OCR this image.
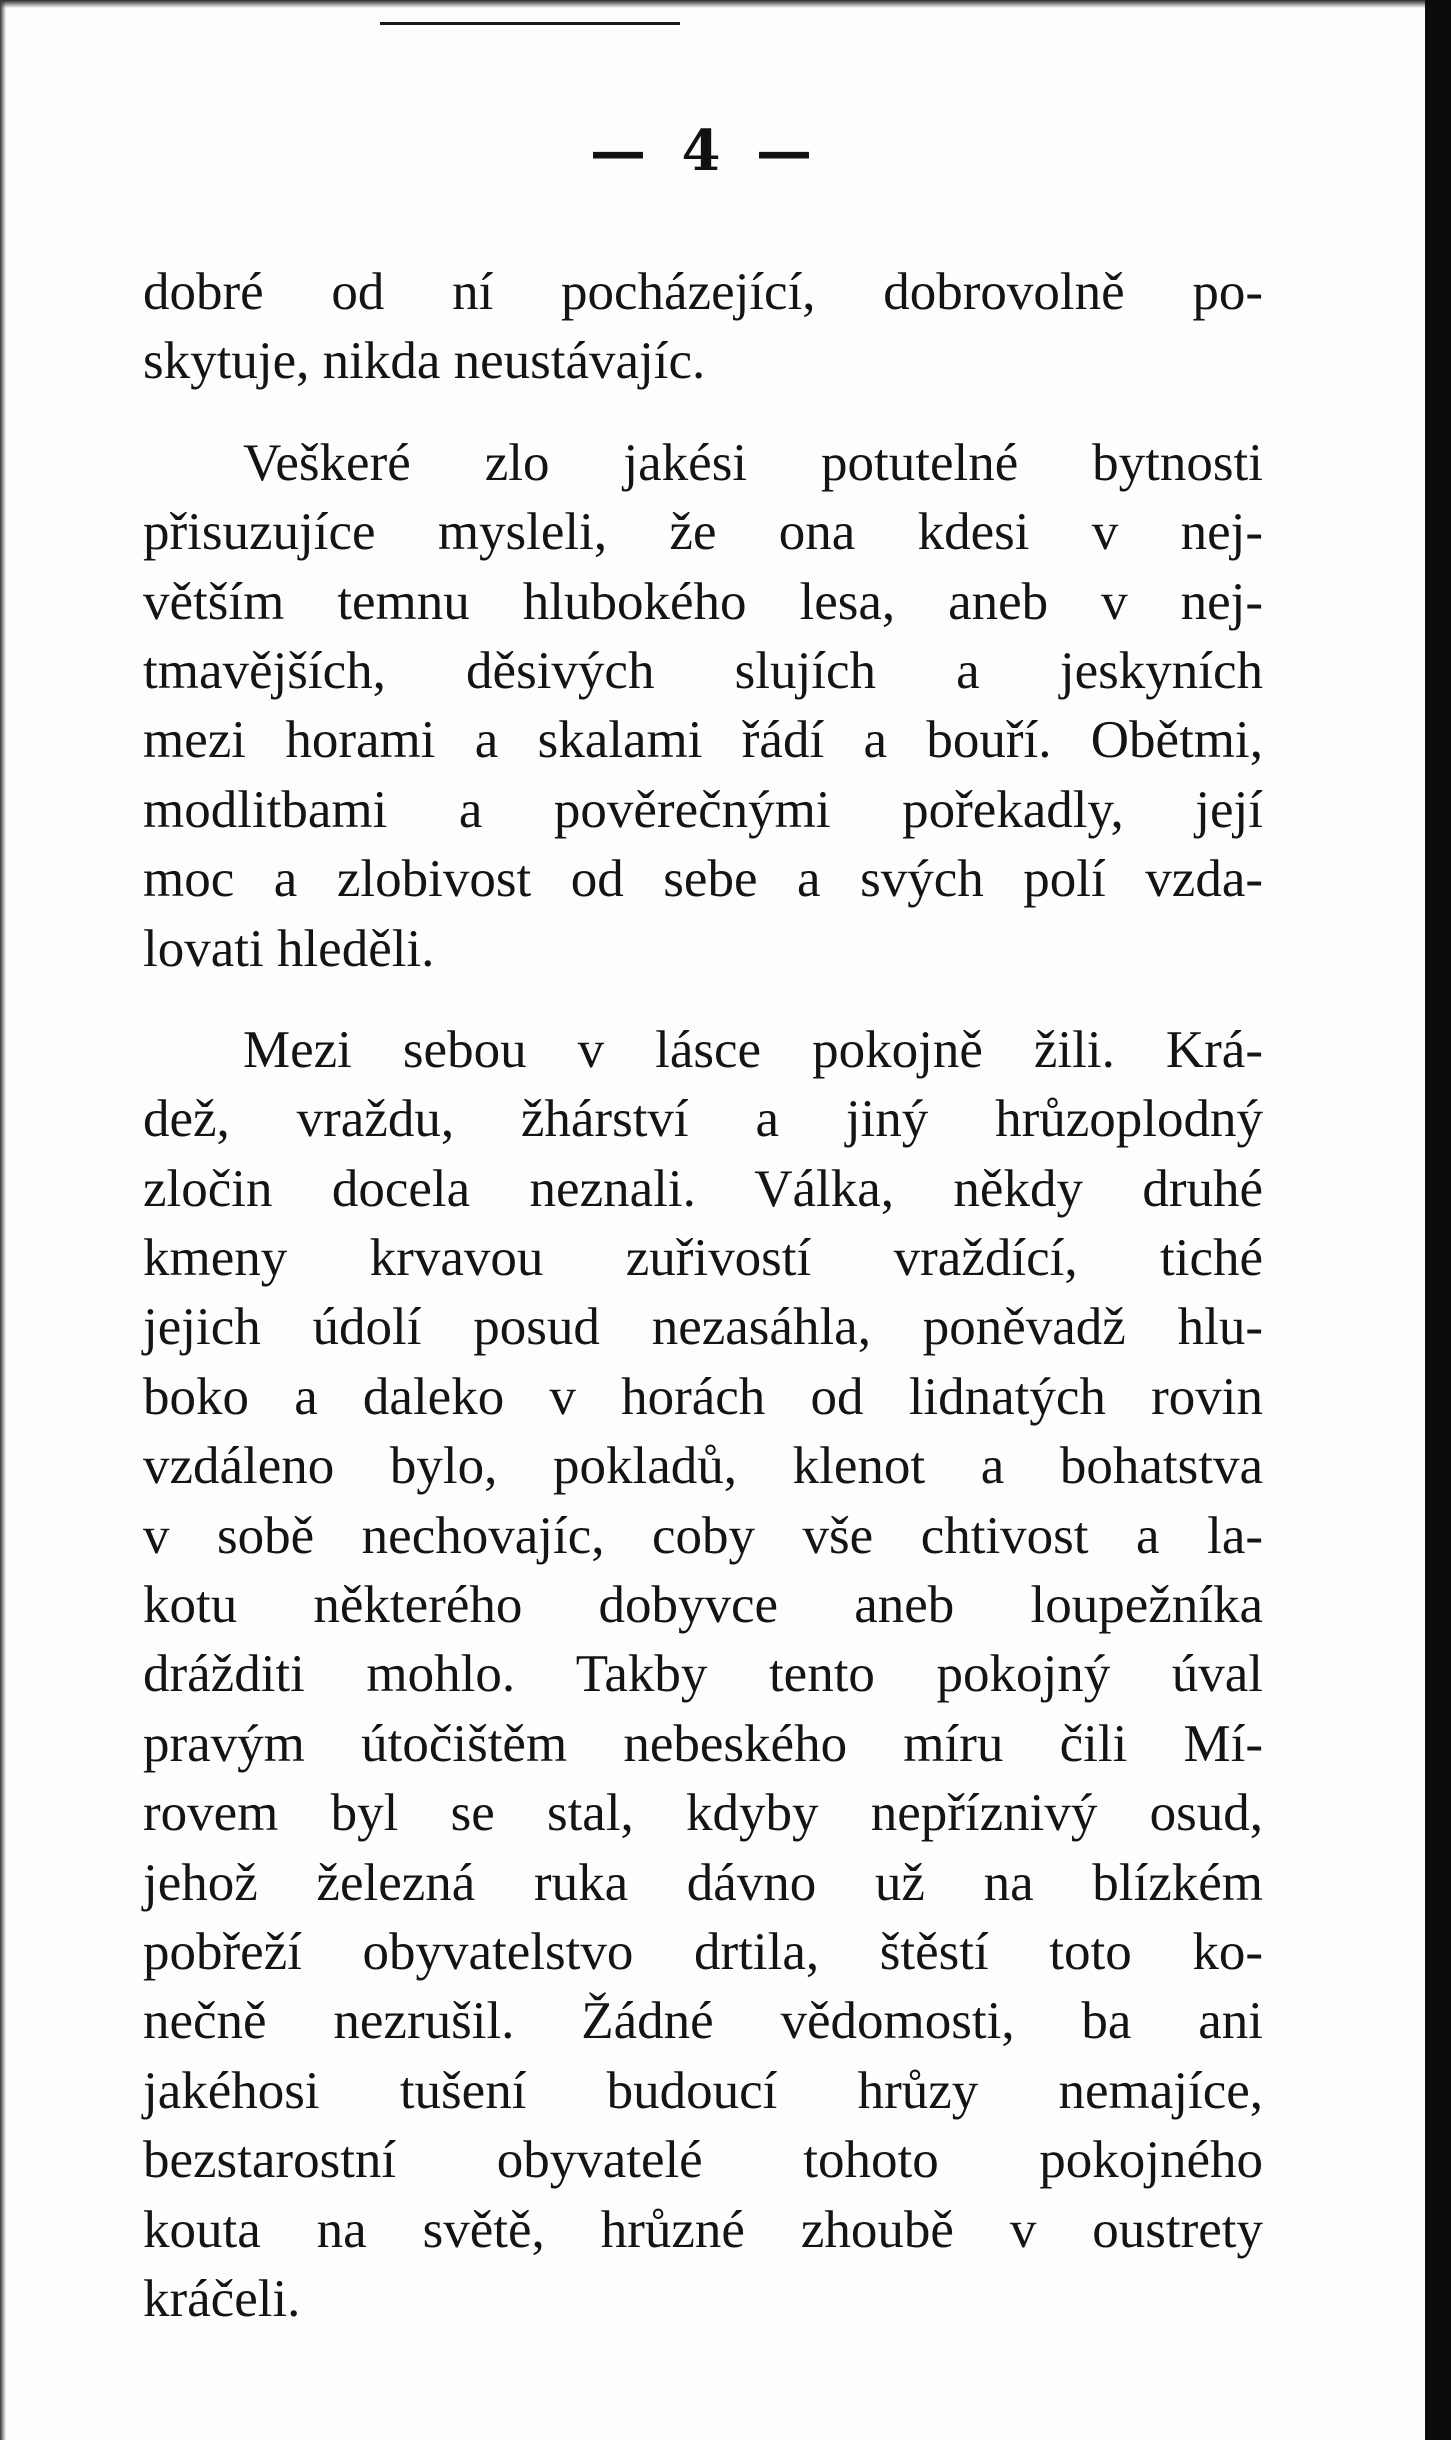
— 4 —
dobré od ní pocházející, dobrovolně po-
skytuje, nikda neustávajíc.
Veškeré zlo jakési potutelné bytnosti
přisuzujíce mysleli, že ona kdesi v nej-
větším temnu hlubokého lesa, aneb v nej-
tmavějších, děsivých slujích a jeskyních
mezi horami a skalami řádí a bouří. Obětmi,
modlitbami a pověrečnými pořekadly, její
moc a zlobivost od sebe a svých polí vzda-
lovati hleděli.
Mezi sebou v lásce pokojně žili. Krá-
dež, vraždu, žhárství a jiný hrůzoplodný
zločin docela neznali. Válka, někdy druhé
kmeny krvavou zuřivostí vraždící, tiché
jejich údolí posud nezasáhla, poněvadž hlu-
boko a daleko v horách od lidnatých rovin
vzdáleno bylo, pokladů, klenot a bohatstva
v sobě nechovajíc, coby vše chtivost a la-
kotu některého dobyvce aneb loupežníka
drážditi mohlo. Takby tento pokojný úval
pravým útočištěm nebeského míru čili Mí-
rovem byl se stal, kdyby nepříznivý osud,
jehož železná ruka dávno už na blízkém
pobřeží obyvatelstvo drtila, štěstí toto ko-
nečně nezrušil. Žádné vědomosti, ba ani
jakéhosi tušení budoucí hrůzy nemajíce,
bezstarostní obyvatelé tohoto pokojného
kouta na světě, hrůzné zhoubě v oustrety
kráčeli.
